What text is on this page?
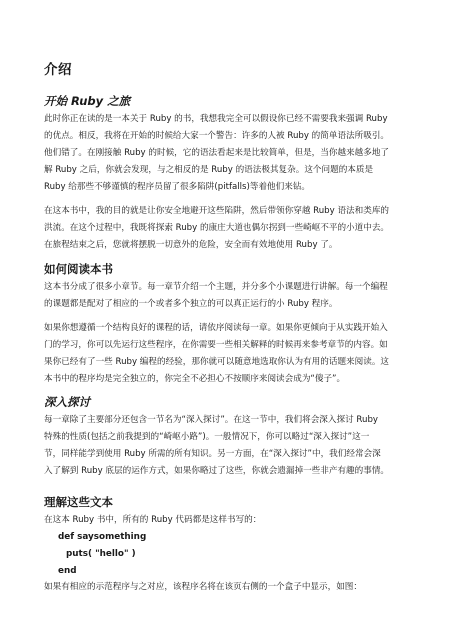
介绍
开始 Ruby 之旅
此时你正在读的是一本关于 Ruby 的书，我想我完全可以假设你已经不需要我来强调 Ruby
的优点。相反，我将在开始的时候给大家一个警告：许多的人被 Ruby 的简单语法所吸引。
他们错了。在刚接触 Ruby 的时候，它的语法看起来是比较简单，但是，当你越来越多地了
解 Ruby 之后，你就会发现，与之相反的是 Ruby 的语法极其复杂。这个问题的本质是
Ruby 给那些不够谨慎的程序员留了很多陷阱(pitfalls)等着他们来钻。
在这本书中，我的目的就是让你安全地避开这些陷阱，然后带领你穿越 Ruby 语法和类库的
洪流。在这个过程中，我既将探索 Ruby 的康庄大道也偶尔拐到一些崎岖不平的小道中去。
在旅程结束之后，您就将摆脱一切意外的危险，安全而有效地使用 Ruby 了。
如何阅读本书
这本书分成了很多小章节。每一章节介绍一个主题，并分多个小课题进行讲解。每一个编程
的课题都是配对了相应的一个或者多个独立的可以真正运行的小 Ruby 程序。
如果你想遵循一个结构良好的课程的话，请依序阅读每一章。如果你更倾向于从实践开始入
门的学习，你可以先运行这些程序，在你需要一些相关解释的时候再来参考章节的内容。如
果你已经有了一些 Ruby 编程的经验，那你就可以随意地选取你认为有用的话题来阅读。这
本书中的程序均是完全独立的，你完全不必担心不按顺序来阅读会成为“傻子”。
深入探讨
每一章除了主要部分还包含一节名为“深入探讨”。在这一节中，我们将会深入探讨 Ruby
特殊的性质(包括之前我提到的“崎岖小路”)。一般情况下，你可以略过“深入探讨”这一
节，同样能学到使用 Ruby 所需的所有知识。另一方面，在“深入探讨”中，我们经常会深
入了解到 Ruby 底层的运作方式，如果你略过了这些，你就会遗漏掉一些非产有趣的事情。
理解这些文本
在这本 Ruby 书中，所有的 Ruby 代码都是这样书写的：
def saysomething
puts( "hello" )
end
如果有相应的示范程序与之对应，该程序名将在该页右侧的一个盒子中显示，如图：
